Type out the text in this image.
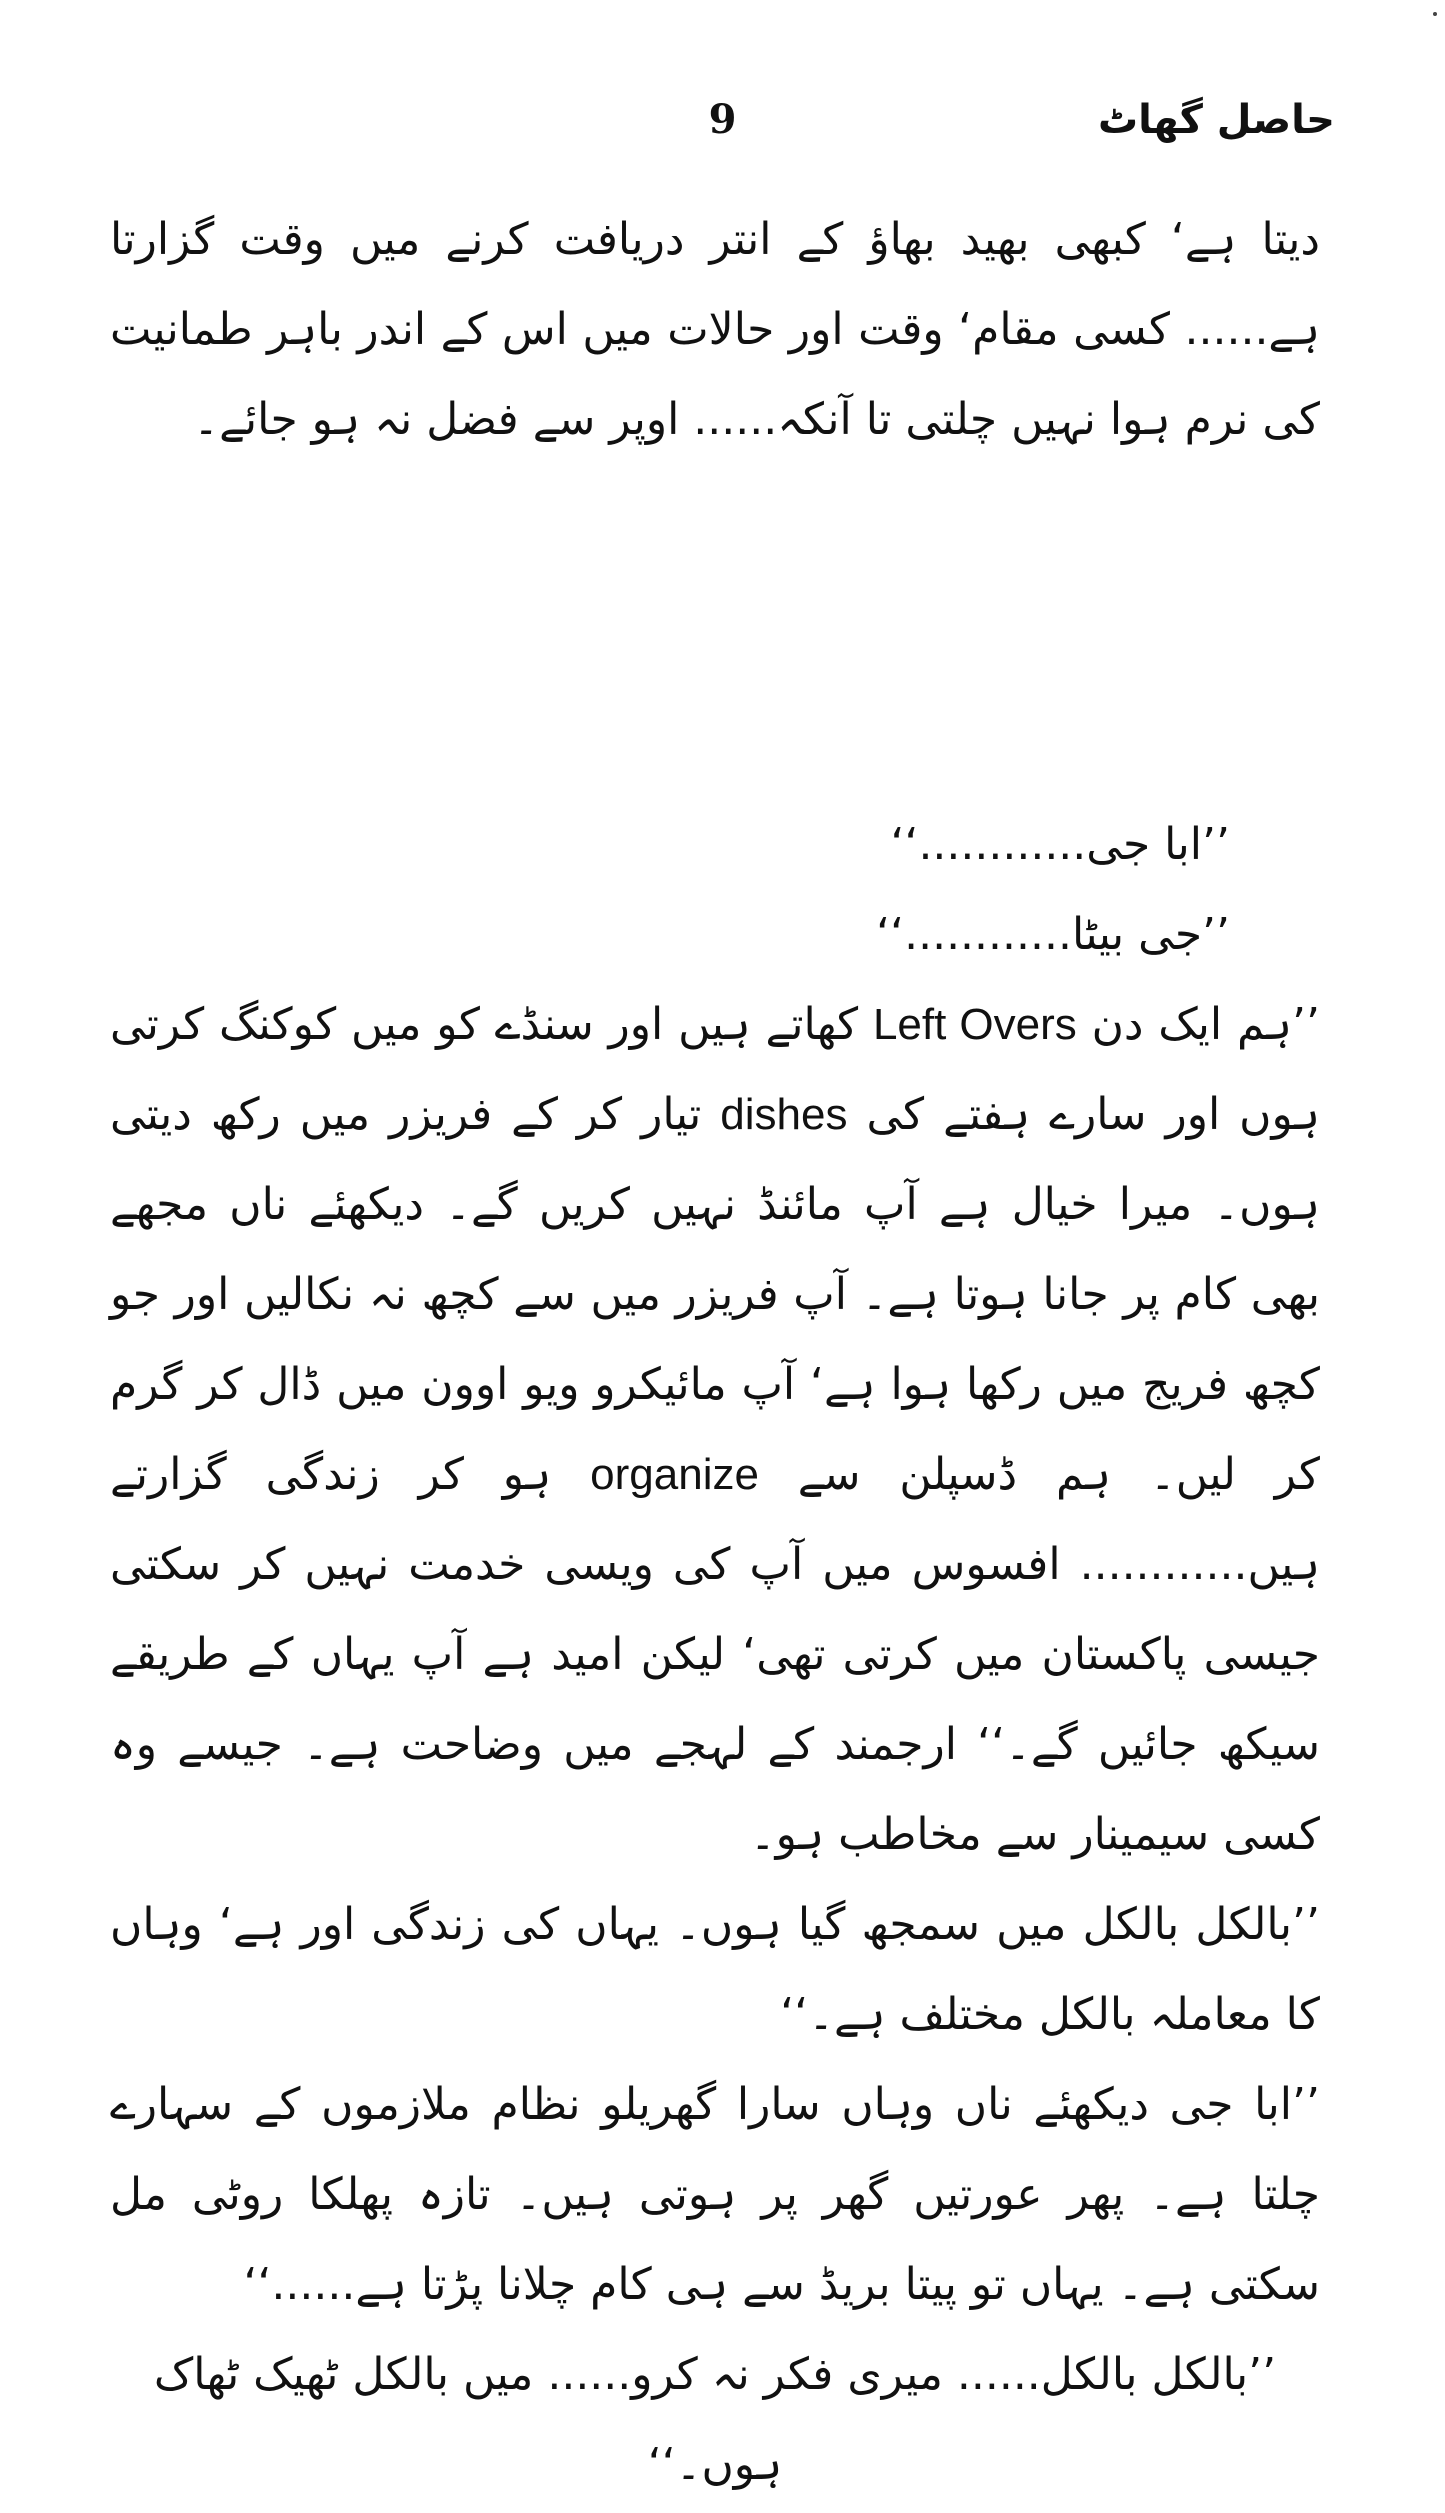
حاصل گھاٹ
9

دیتا ہے‘ کبھی بھید بھاؤ کے انتر دریافت کرنے میں وقت گزارتا ہے...... کسی مقام‘ وقت اور حالات میں اس کے اندر باہر طمانیت کی نرم ہوا نہیں چلتی تا آنکہ...... اوپر سے فضل نہ ہو جائے۔

’’ابا جی............‘‘

’’جی بیٹا............‘‘

’’ہم ایک دن Left Overs کھاتے ہیں اور سنڈے کو میں کوکنگ کرتی ہوں اور سارے ہفتے کی dishes تیار کر کے فریزر میں رکھ دیتی ہوں۔ میرا خیال ہے آپ مائنڈ نہیں کریں گے۔ دیکھئے ناں مجھے بھی کام پر جانا ہوتا ہے۔ آپ فریزر میں سے کچھ نہ نکالیں اور جو کچھ فریج میں رکھا ہوا ہے‘ آپ مائیکرو ویو اوون میں ڈال کر گرم کر لیں۔ ہم ڈسپلن سے organize ہو کر زندگی گزارتے ہیں............ افسوس میں آپ کی ویسی خدمت نہیں کر سکتی جیسی پاکستان میں کرتی تھی‘ لیکن امید ہے آپ یہاں کے طریقے سیکھ جائیں گے۔‘‘ ارجمند کے لہجے میں وضاحت ہے۔ جیسے وہ کسی سیمینار سے مخاطب ہو۔

’’بالکل بالکل میں سمجھ گیا ہوں۔ یہاں کی زندگی اور ہے‘ وہاں کا معاملہ بالکل مختلف ہے۔‘‘

’’ابا جی دیکھئے ناں وہاں سارا گھریلو نظام ملازموں کے سہارے چلتا ہے۔ پھر عورتیں گھر پر ہوتی ہیں۔ تازہ پھلکا روٹی مل سکتی ہے۔ یہاں تو پیتا بریڈ سے ہی کام چلانا پڑتا ہے......‘‘

’’بالکل بالکل...... میری فکر نہ کرو...... میں بالکل ٹھیک ٹھاک ہوں۔‘‘
